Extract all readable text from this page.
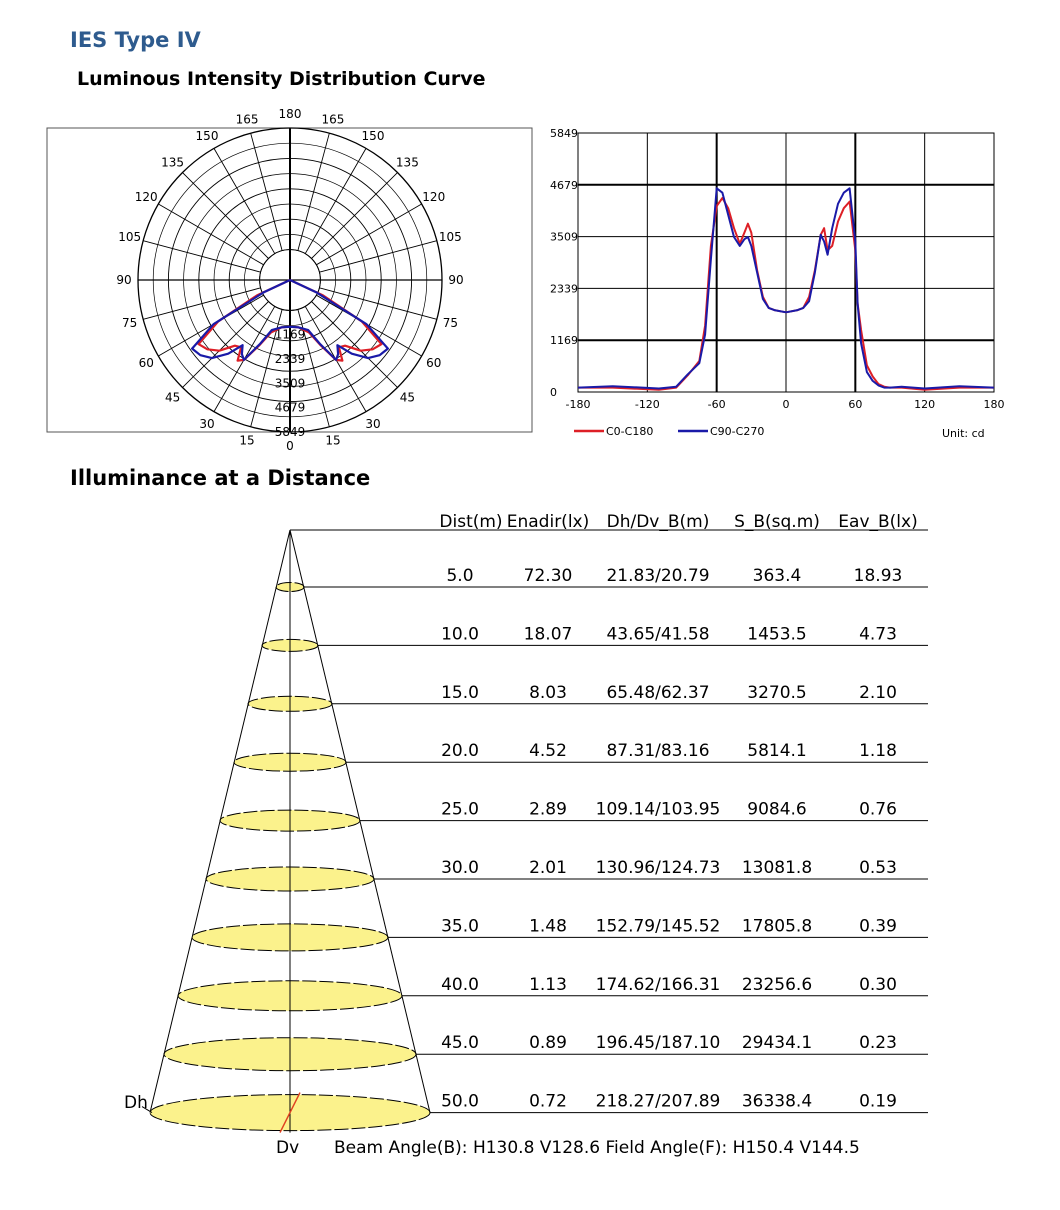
IES Type IV
Luminous Intensity Distribution Curve
0	15
15
30
30
45
45
60
60
75
75
90
90
105
105
120
120
135
135
150
150
165
165 180
1169
2339
3509
4679
5849
-180	-120	-60	0	60	120	180
0
1169
2339
3509
4679
5849
C0-C180	C90-C270	Unit: cd
Illuminance at a Distance
Dist(m) Enadir(lx) Dh/Dv_B(m) S_B(sq.m) Eav_B(lx)
5.0	72.30 21.83/20.79	363.4	18.93
10.0	18.07 43.65/41.58 1453.5	4.73
15.0	8.03 65.48/62.37 3270.5	2.10
20.0	4.52 87.31/83.16 5814.1	1.18
25.0	2.89 109.14/103.95 9084.6	0.76
30.0	2.01 130.96/124.73 13081.8	0.53
35.0	1.48 152.79/145.52 17805.8	0.39
40.0	1.13 174.62/166.31 23256.6	0.30
45.0	0.89 196.45/187.10 29434.1	0.23
50.0	0.72 218.27/207.89 36338.4	0.19
Dh
Dv Beam Angle(B): H130.8 V128.6 Field Angle(F): H150.4 V144.5
